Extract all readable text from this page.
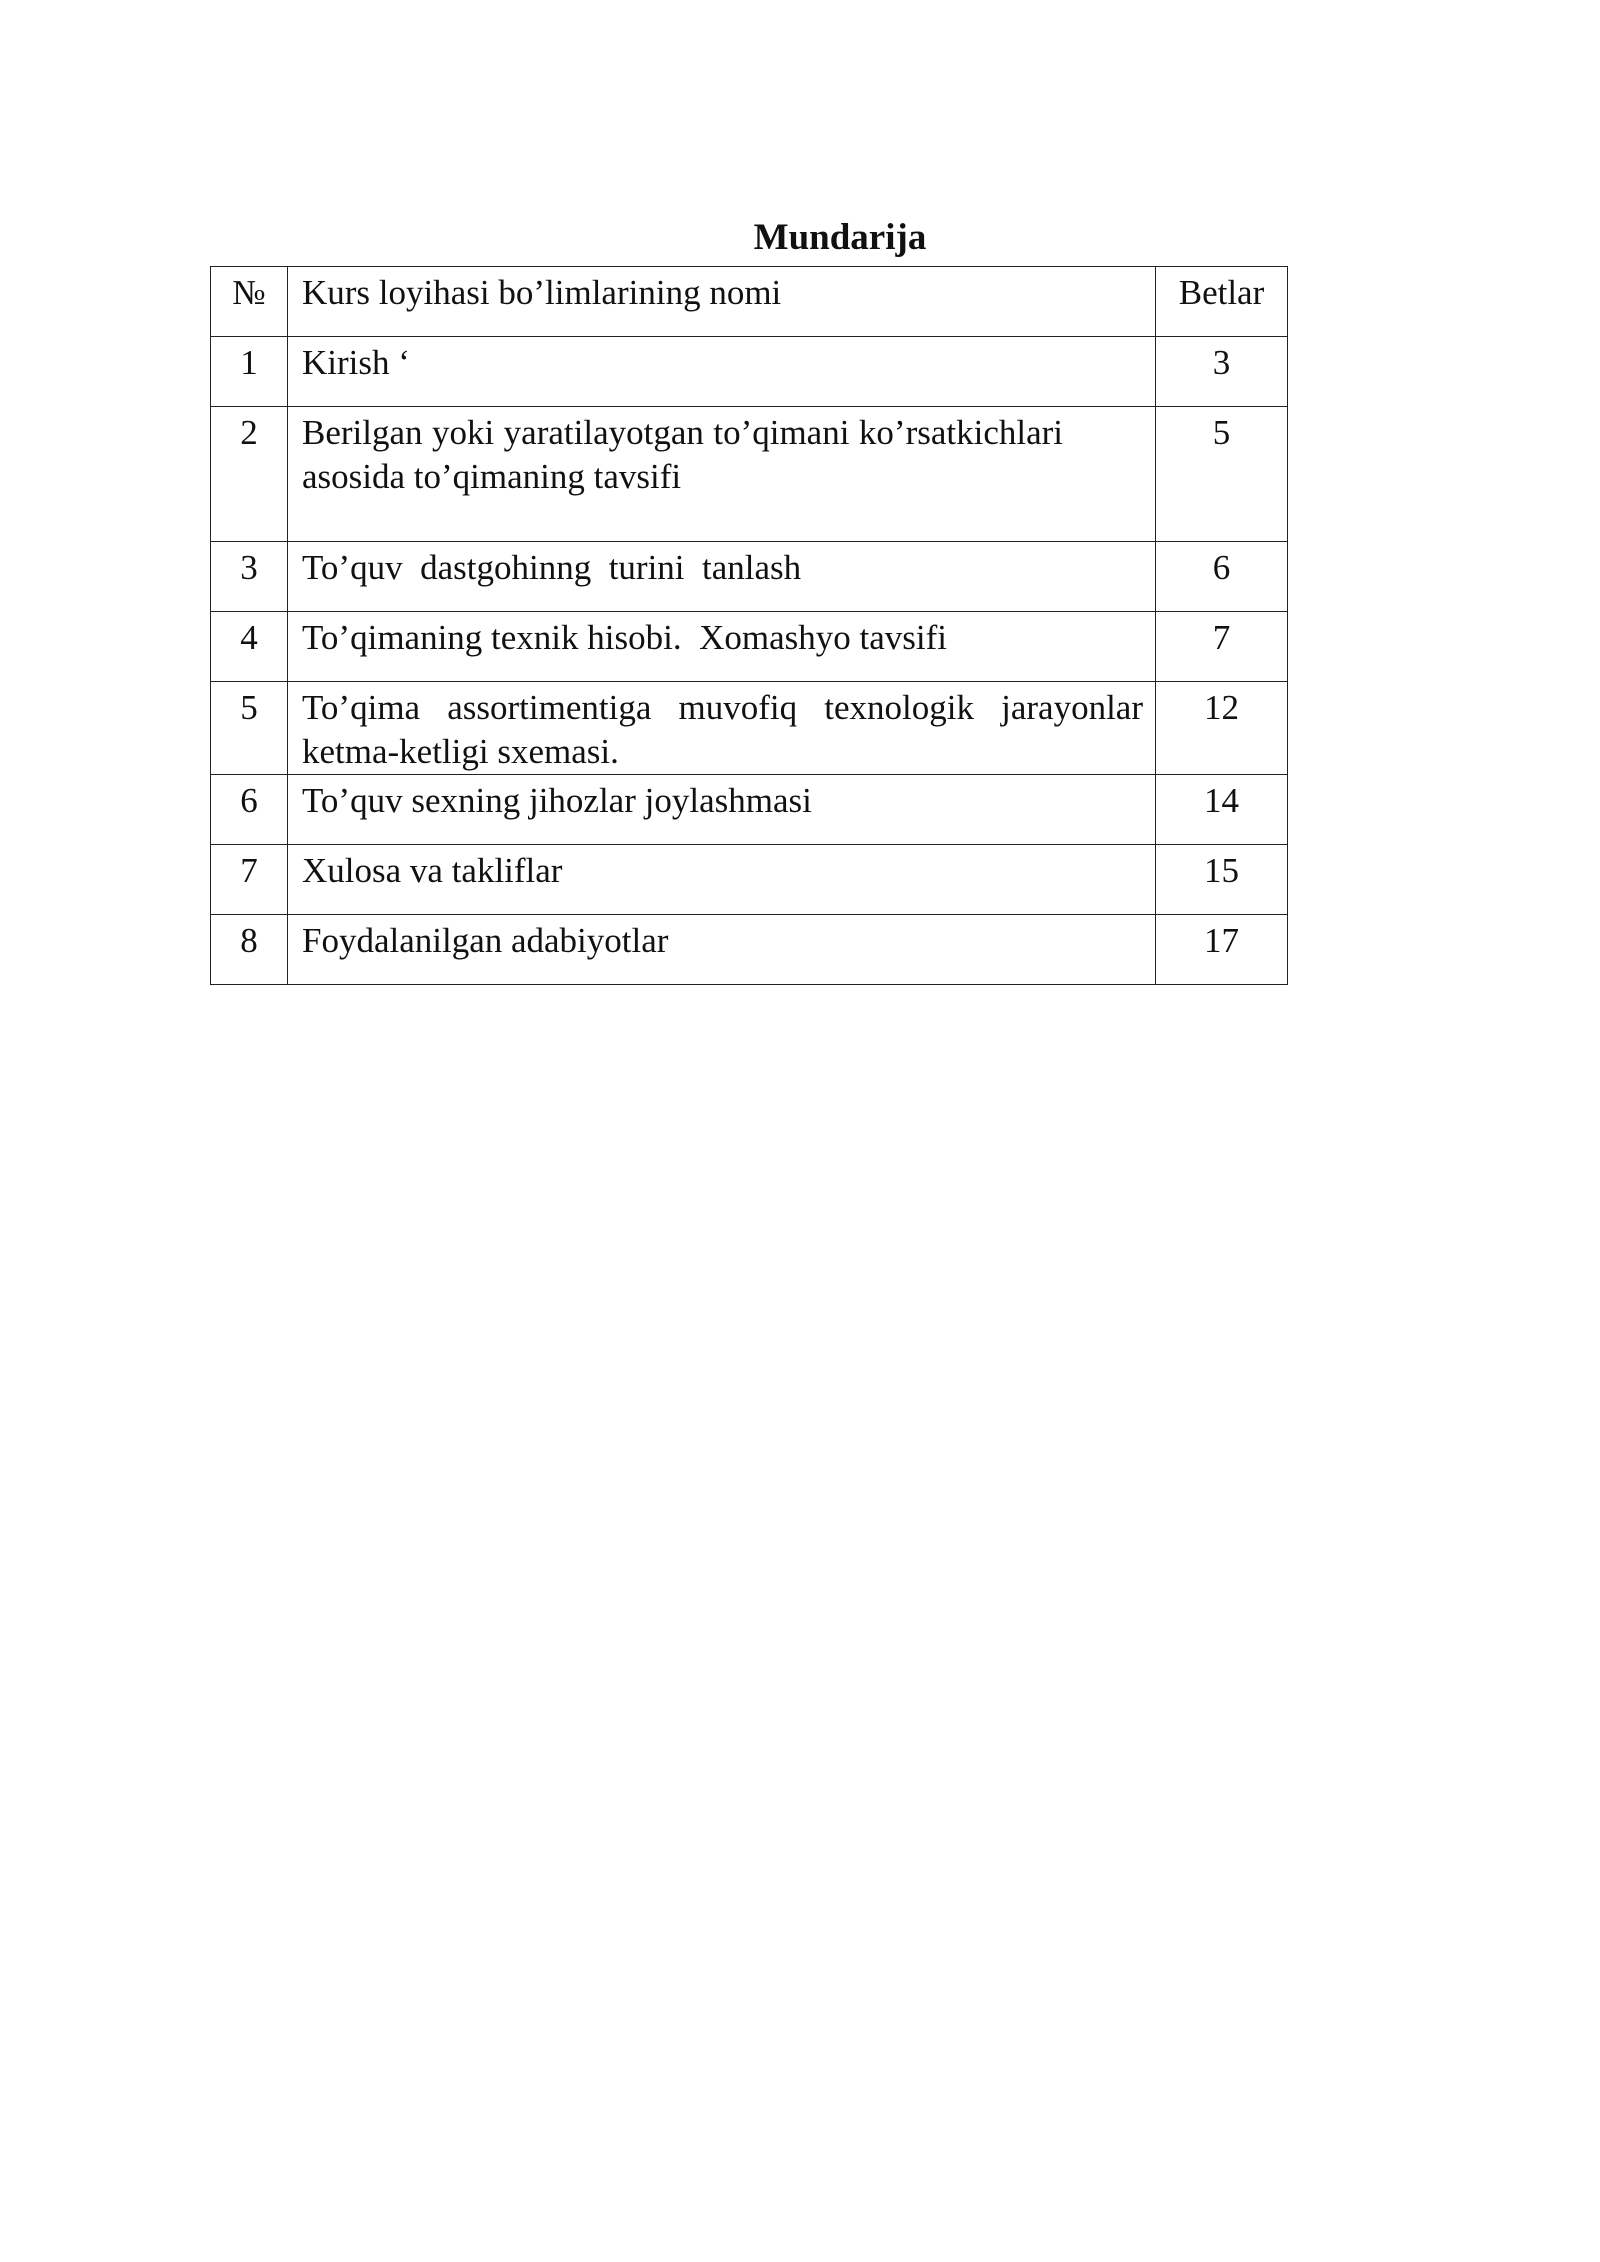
Mundarija
№	Kurs loyihasi bo’limlarining nomi	Betlar
1	Kirish ‘	3
2	Berilgan yoki yaratilayotgan to’qimani ko’rsatkichlari asosida to’qimaning tavsifi	5
3	To’quv  dastgohinng  turini  tanlash	6
4	To’qimaning texnik hisobi.  Xomashyo tavsifi	7
5	To’qima assortimentiga muvofiq texnologik jarayonlar ketma-ketligi sxemasi.	12
6	To’quv sexning jihozlar joylashmasi	14
7	Xulosa va takliflar	15
8	Foydalanilgan adabiyotlar	17
